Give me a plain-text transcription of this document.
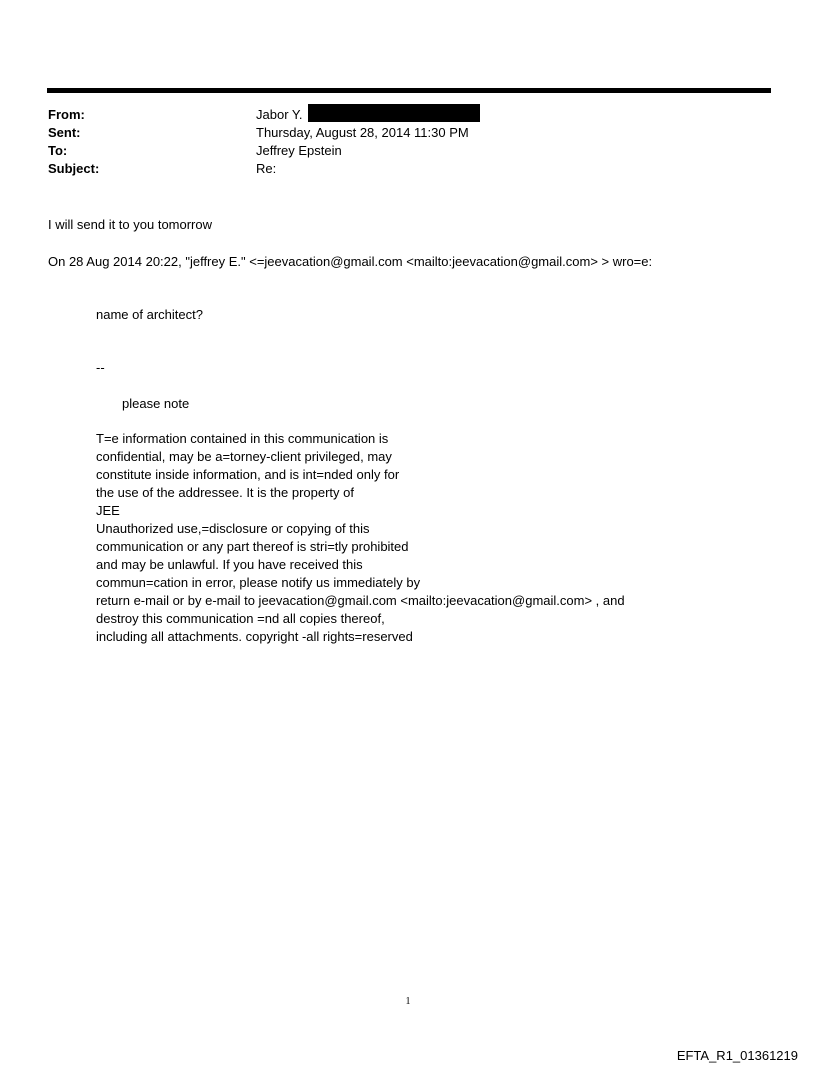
From:	Jabor Y.
Sent:	Thursday, August 28, 2014 11:30 PM
To:	Jeffrey Epstein
Subject:	Re:
I will send it to you tomorrow
On 28 Aug 2014 20:22, "jeffrey E." <=jeevacation@gmail.com <mailto:jeevacation@gmail.com> > wro=e:
name of architect?
--
please note
T=e information contained in this communication is
confidential, may be a=torney-client privileged, may
constitute inside information, and is int=nded only for
the use of the addressee. It is the property of
JEE
Unauthorized use,=disclosure or copying of this
communication or any part thereof is stri=tly prohibited
and may be unlawful. If you have received this
commun=cation in error, please notify us immediately by
return e-mail or by e-mail to jeevacation@gmail.com <mailto:jeevacation@gmail.com> , and
destroy this communication =nd all copies thereof,
including all attachments. copyright -all rights=reserved
1
EFTA_R1_01361219
